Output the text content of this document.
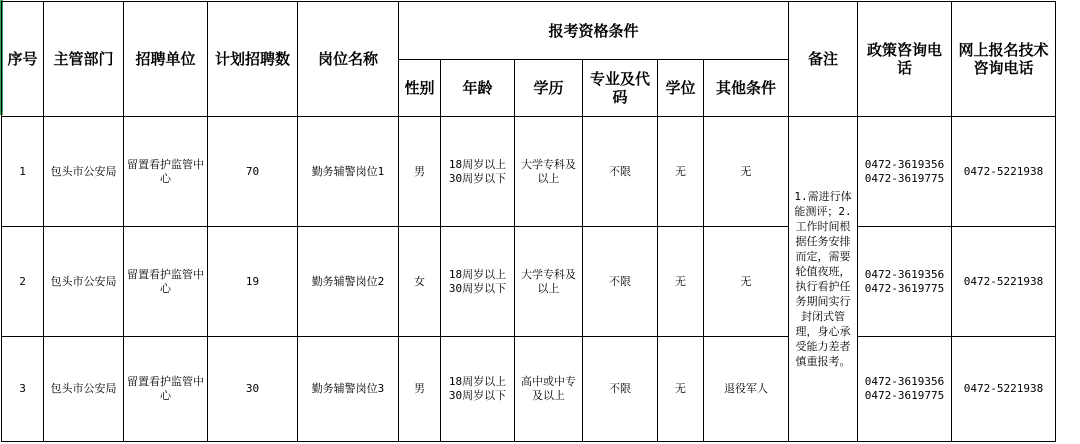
序号	主管部门	招聘单位	计划招聘数	岗位名称	报考资格条件						备注	政策咨询电话	网上报名技术咨询电话
					性别	年龄	学历	专业及代码	学位	其他条件			
1	包头市公安局	留置看护监管中心	70	勤务辅警岗位1	男	18周岁以上30周岁以下	大学专科及以上	不限	无	无	1.需进行体能测评；2.工作时间根据任务安排而定，需要轮值夜班，执行看护任务期间实行封闭式管理，身心承受能力差者慎重报考。	0472-3619356 0472-3619775	0472-5221938
2	包头市公安局	留置看护监管中心	19	勤务辅警岗位2	女	18周岁以上30周岁以下	大学专科及以上	不限	无	无		0472-3619356 0472-3619775	0472-5221938
3	包头市公安局	留置看护监管中心	30	勤务辅警岗位3	男	18周岁以上30周岁以下	高中或中专及以上	不限	无	退役军人		0472-3619356 0472-3619775	0472-5221938
